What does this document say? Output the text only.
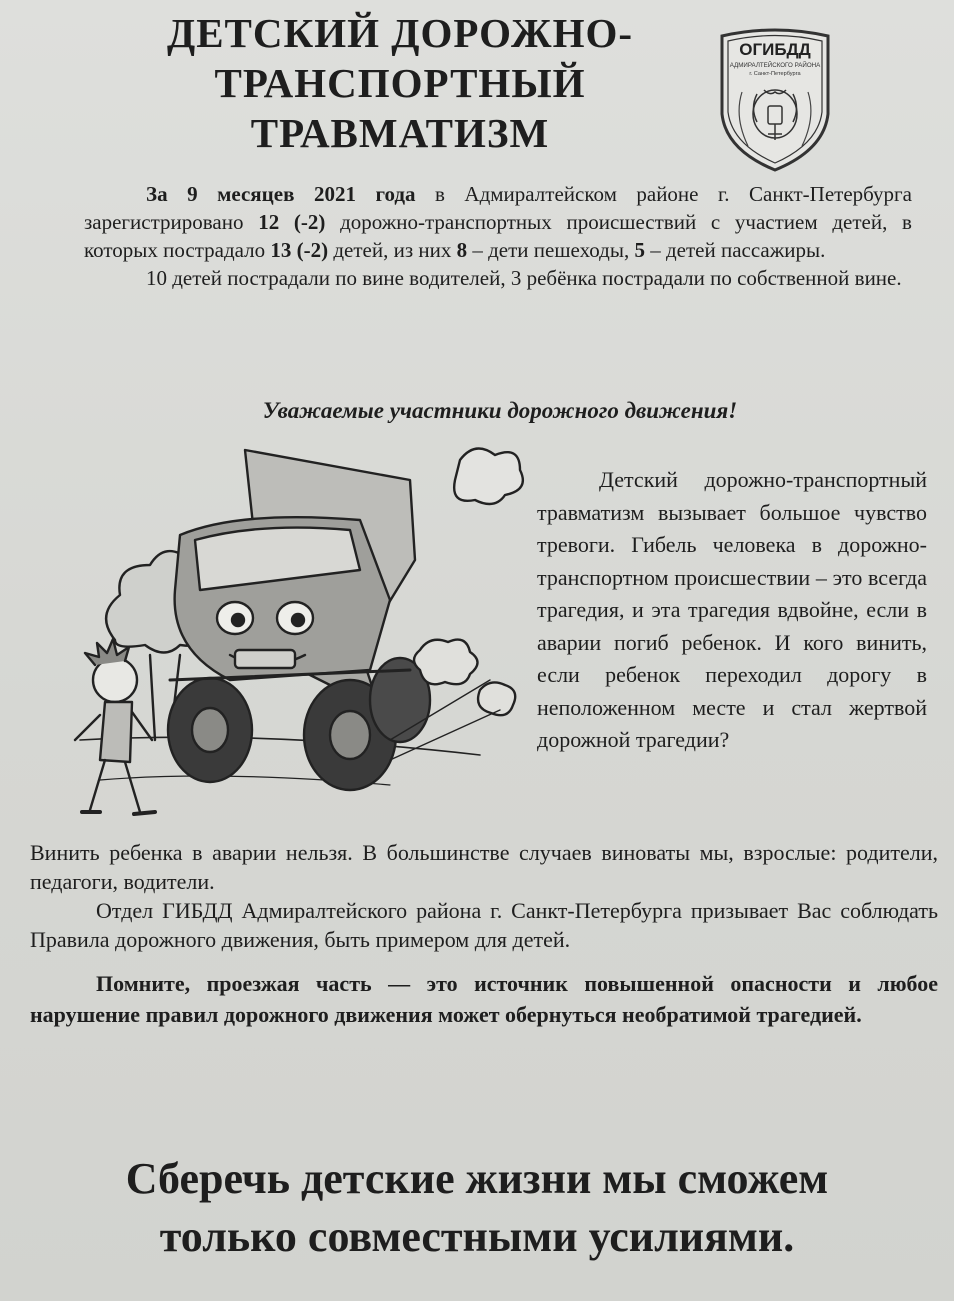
ДЕТСКИЙ ДОРОЖНО-
ТРАНСПОРТНЫЙ
ТРАВМАТИЗМ
ОГИБДД
АДМИРАЛТЕЙСКОГО РАЙОНА
г. Санкт-Петербурга

За 9 месяцев 2021 года в Адмиралтейском районе г. Санкт-Петербурга зарегистрировано 12 (-2) дорожно-транспортных происшествий с участием детей, в которых пострадало 13 (-2) детей, из них 8 – дети пешеходы, 5 – детей пассажиры.

10 детей пострадали по вине водителей, 3 ребёнка пострадали по собственной вине.

Уважаемые участники дорожного движения!

Детский дорожно-транспортный травматизм вызывает большое чувство тревоги. Гибель человека в дорожно-транспортном происшествии – это всегда трагедия, и эта трагедия вдвойне, если в аварии погиб ребенок. И кого винить, если ребенок переходил дорогу в неположенном месте и стал жертвой дорожной трагедии?

Винить ребенка в аварии нельзя. В большинстве случаев виноваты мы, взрослые: родители, педагоги, водители.

Отдел ГИБДД Адмиралтейского района г. Санкт-Петербурга призывает Вас соблюдать Правила дорожного движения, быть примером для детей.

Помните, проезжая часть — это источник повышенной опасности и любое нарушение правил дорожного движения может обернуться необратимой трагедией.

Сберечь детские жизни мы сможем
только совместными усилиями.
